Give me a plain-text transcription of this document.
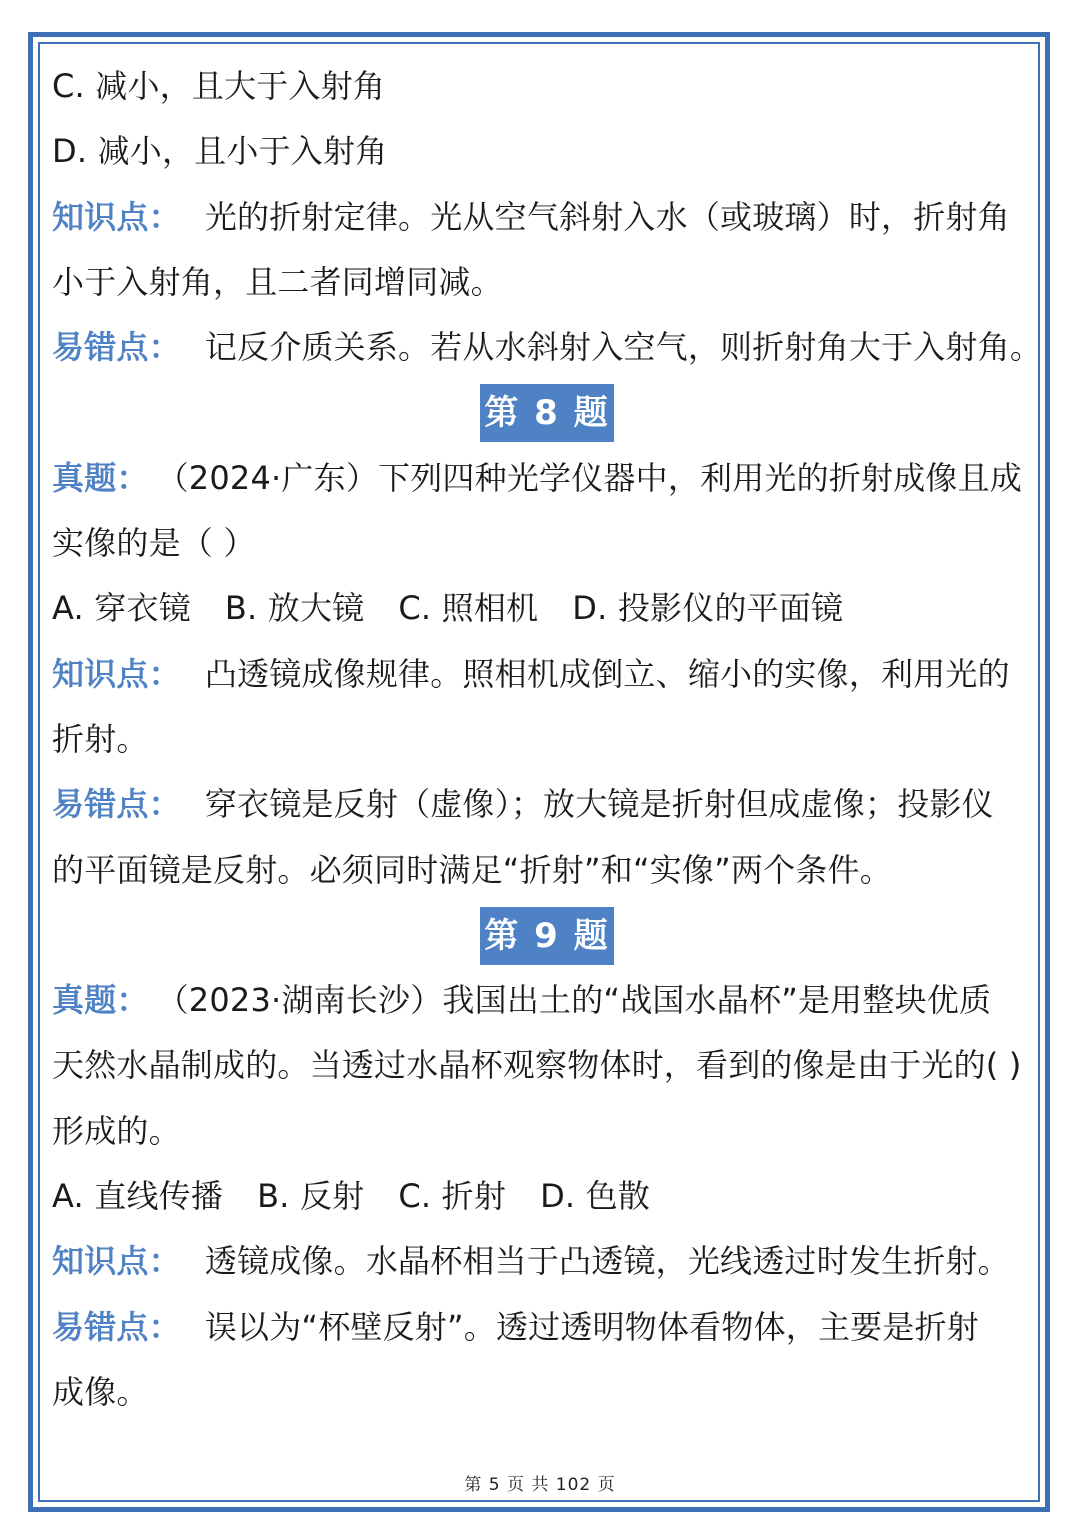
C. 减小，且大于入射角
D. 减小，且小于入射角
知识点： 光的折射定律。光从空气斜射入水（或玻璃）时，折射角
小于入射角，且二者同增同减。
易错点： 记反介质关系。若从水斜射入空气，则折射角大于入射角。
第 8 题
真题： （2024·广东）下列四种光学仪器中，利用光的折射成像且成
实像的是（ ）
A. 穿衣镜 B. 放大镜 C. 照相机 D. 投影仪的平面镜
知识点： 凸透镜成像规律。照相机成倒立、缩小的实像，利用光的
折射。
易错点： 穿衣镜是反射（虚像）；放大镜是折射但成虚像；投影仪
的平面镜是反射。必须同时满足“折射”和“实像”两个条件。
第 9 题
真题： （2023·湖南长沙）我国出土的“战国水晶杯”是用整块优质
天然水晶制成的。当透过水晶杯观察物体时，看到的像是由于光的( )
形成的。
A. 直线传播 B. 反射 C. 折射 D. 色散
知识点： 透镜成像。水晶杯相当于凸透镜，光线透过时发生折射。
易错点： 误以为“杯壁反射”。透过透明物体看物体，主要是折射
成像。
第 5 页 共 102 页
